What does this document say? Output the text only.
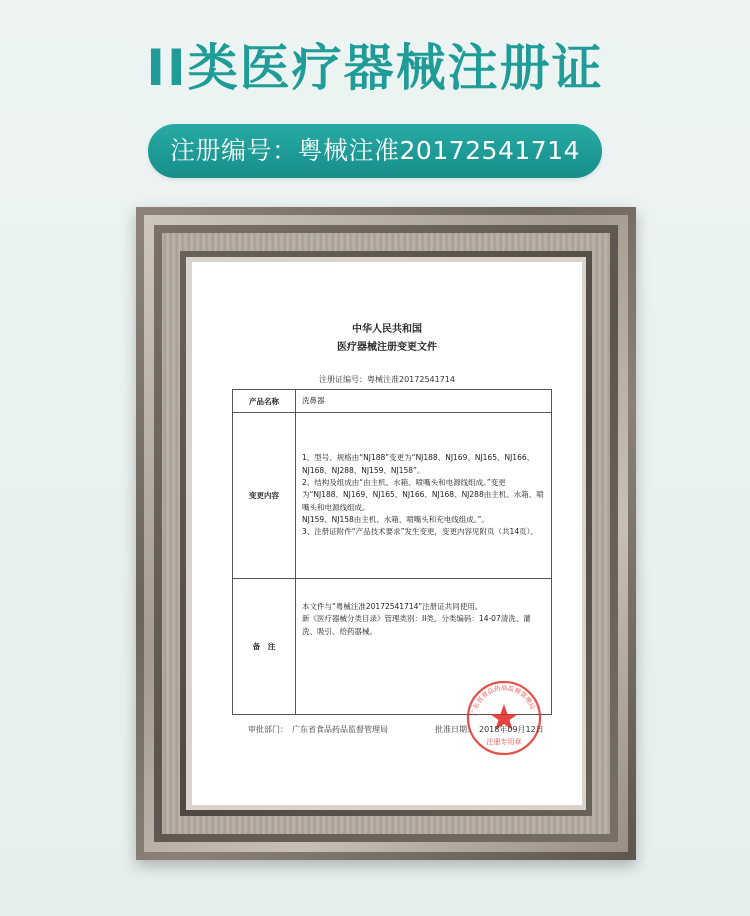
II类医疗器械注册证
注册编号：粤械注准20172541714
中华人民共和国
医疗器械注册变更文件
注册证编号：粤械注准20172541714
产品名称	洗鼻器

变更内容	1、型号、规格由“NJ188”变更为“NJ188、NJ169、NJ165、NJ166、NJ168、NJ288、NJ159、NJ158”。
2、结构及组成由“由主机、水箱、喷嘴头和电源线组成。”变更为“NJ188、NJ169、NJ165、NJ166、NJ168、NJ288由主机、水箱、喷嘴头和电源线组成。
NJ159、NJ158由主机、水箱、喷嘴头和充电线组成。”。
3、注册证附件“产品技术要求”发生变更，变更内容见附页（共14页）。

备　注	本文件与“粤械注准20172541714”注册证共同使用。
新《医疗器械分类目录》管理类别：II类，分类编码：14-07清洗、灌洗、吸引、给药器械。
广东省食品药品监督管理局
注册专用章
审批部门： 广东省食品药品监督管理局	批准日期： 2018年09月12日
